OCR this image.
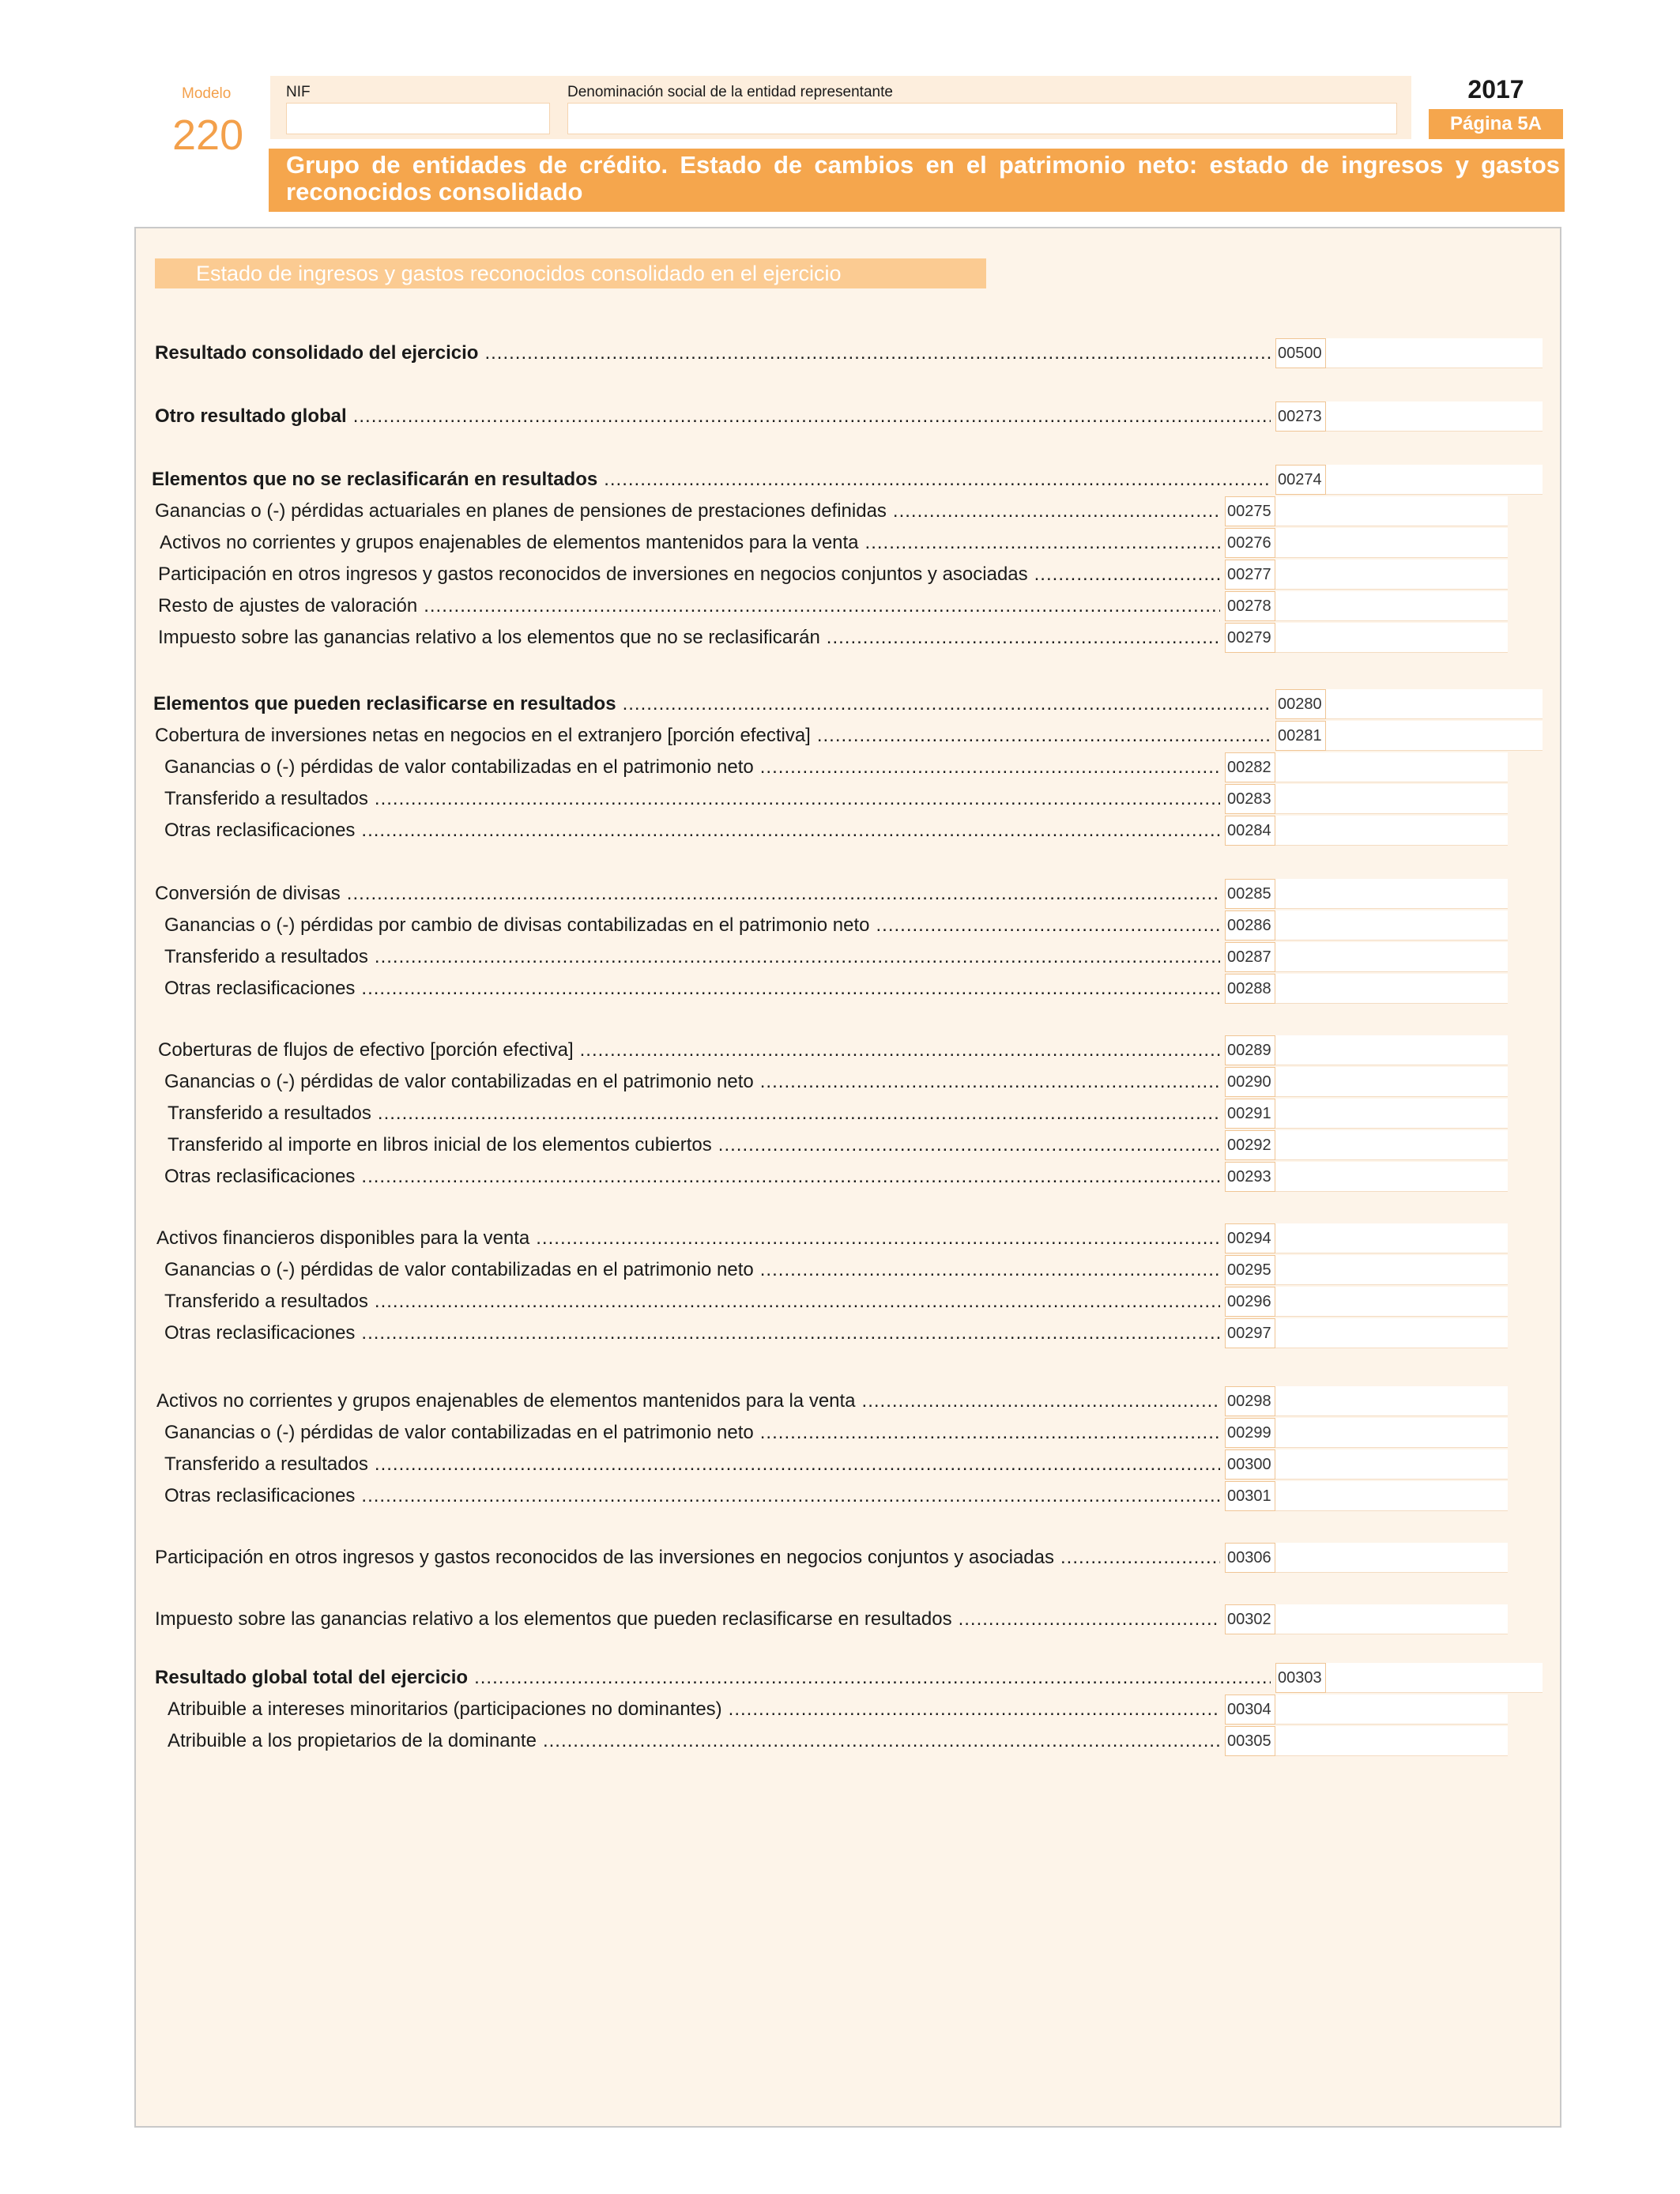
Modelo
220
NIF	Denominación social de la entidad representante	2017
Página 5A
Grupo de entidades de crédito. Estado de cambios en el patrimonio neto: estado de ingresos y gastos reconocidos consolidado
Estado de ingresos y gastos reconocidos consolidado en el ejercicio
Resultado consolidado del ejercicio .....	00500
Otro resultado global .....	00273
Elementos que no se reclasificarán en resultados .....	00274
Ganancias o (-) pérdidas actuariales en planes de pensiones de prestaciones definidas .....	00275
Activos no corrientes y grupos enajenables de elementos mantenidos para la venta .....	00276
Participación en otros ingresos y gastos reconocidos de inversiones en negocios conjuntos y asociadas .....	00277
Resto de ajustes de valoración .....	00278
Impuesto sobre las ganancias relativo a los elementos que no se reclasificarán .....	00279
Elementos que pueden reclasificarse en resultados .....	00280
Cobertura de inversiones netas en negocios en el extranjero [porción efectiva] .....	00281
Ganancias o (-) pérdidas de valor contabilizadas en el patrimonio neto .....	00282
Transferido a resultados .....	00283
Otras reclasificaciones .....	00284
Conversión de divisas .....	00285
Ganancias o (-) pérdidas por cambio de divisas contabilizadas en el patrimonio neto .....	00286
Transferido a resultados .....	00287
Otras reclasificaciones .....	00288
Coberturas de flujos de efectivo [porción efectiva] .....	00289
Ganancias o (-) pérdidas de valor contabilizadas en el patrimonio neto .....	00290
Transferido a resultados .....	00291
Transferido al importe en libros inicial de los elementos cubiertos .....	00292
Otras reclasificaciones .....	00293
Activos financieros disponibles para la venta .....	00294
Ganancias o (-) pérdidas de valor contabilizadas en el patrimonio neto .....	00295
Transferido a resultados .....	00296
Otras reclasificaciones .....	00297
Activos no corrientes y grupos enajenables de elementos mantenidos para la venta .....	00298
Ganancias o (-) pérdidas de valor contabilizadas en el patrimonio neto .....	00299
Transferido a resultados .....	00300
Otras reclasificaciones .....	00301
Participación en otros ingresos y gastos reconocidos de las inversiones en negocios conjuntos y asociadas .....	00306
Impuesto sobre las ganancias relativo a los elementos que pueden reclasificarse en resultados .....	00302
Resultado global total del ejercicio .....	00303
Atribuible a intereses minoritarios (participaciones no dominantes) .....	00304
Atribuible a los propietarios de la dominante .....	00305
